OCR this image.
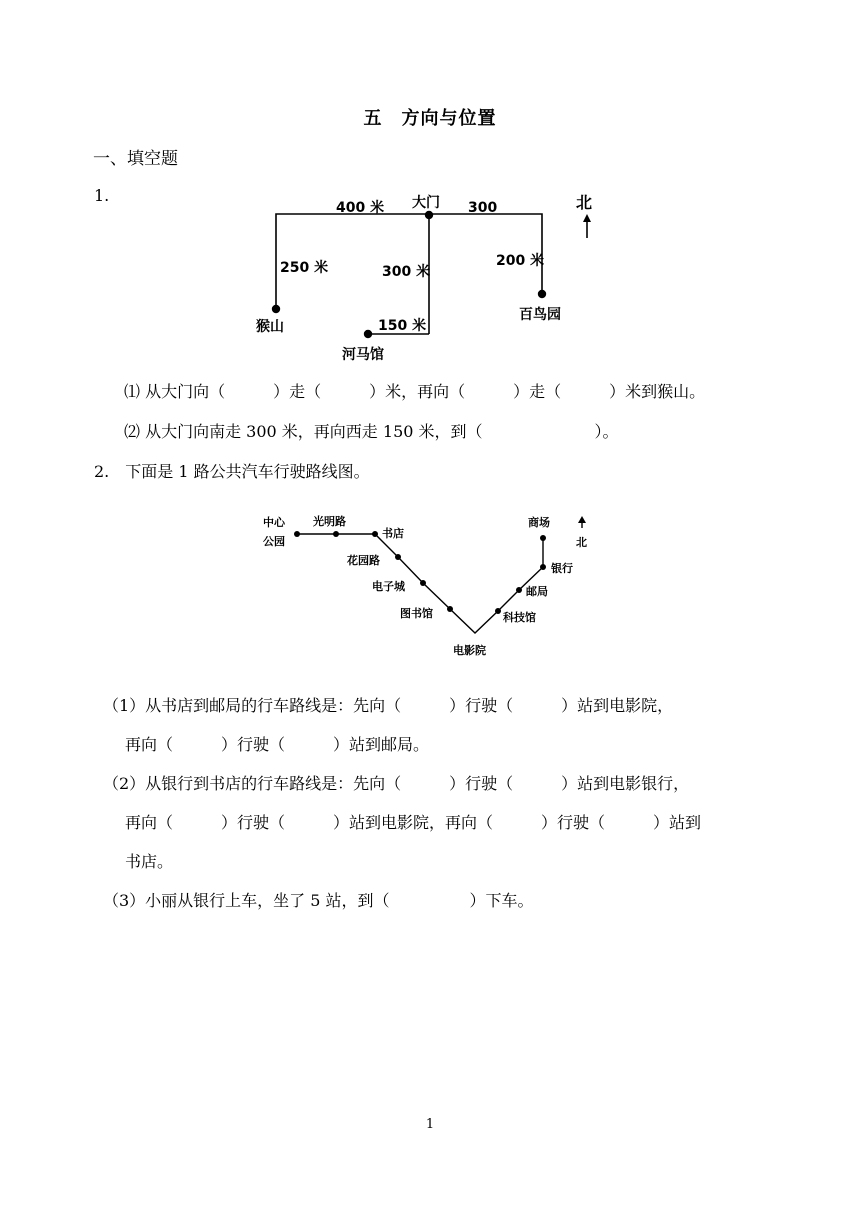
五　方向与位置
一、填空题
1.
400 米 大门 300	北
250 米	300 米
200 米
150 米
猴山
河马馆
百鸟园
⑴ 从大门向（　　　）走（　　　）米，再向（　　　）走（　　　）米到猴山。
⑵ 从大门向南走 300 米，再向西走 150 米，到（　　　　　　　）。
2.　下面是 1 路公共汽车行驶路线图。
中心
公园
光明路
书店
花园路
电子城
图书馆
电影院
科技馆
邮局
银行
商场
北
（1）从书店到邮局的行车路线是：先向（　　　）行驶（　　　）站到电影院，
再向（　　　）行驶（　　　）站到邮局。
（2）从银行到书店的行车路线是：先向（　　　）行驶（　　　）站到电影银行，
再向（　　　）行驶（　　　）站到电影院，再向（　　　）行驶（　　　）站到
书店。
（3）小丽从银行上车，坐了 5 站，到（　　　　　）下车。
1
